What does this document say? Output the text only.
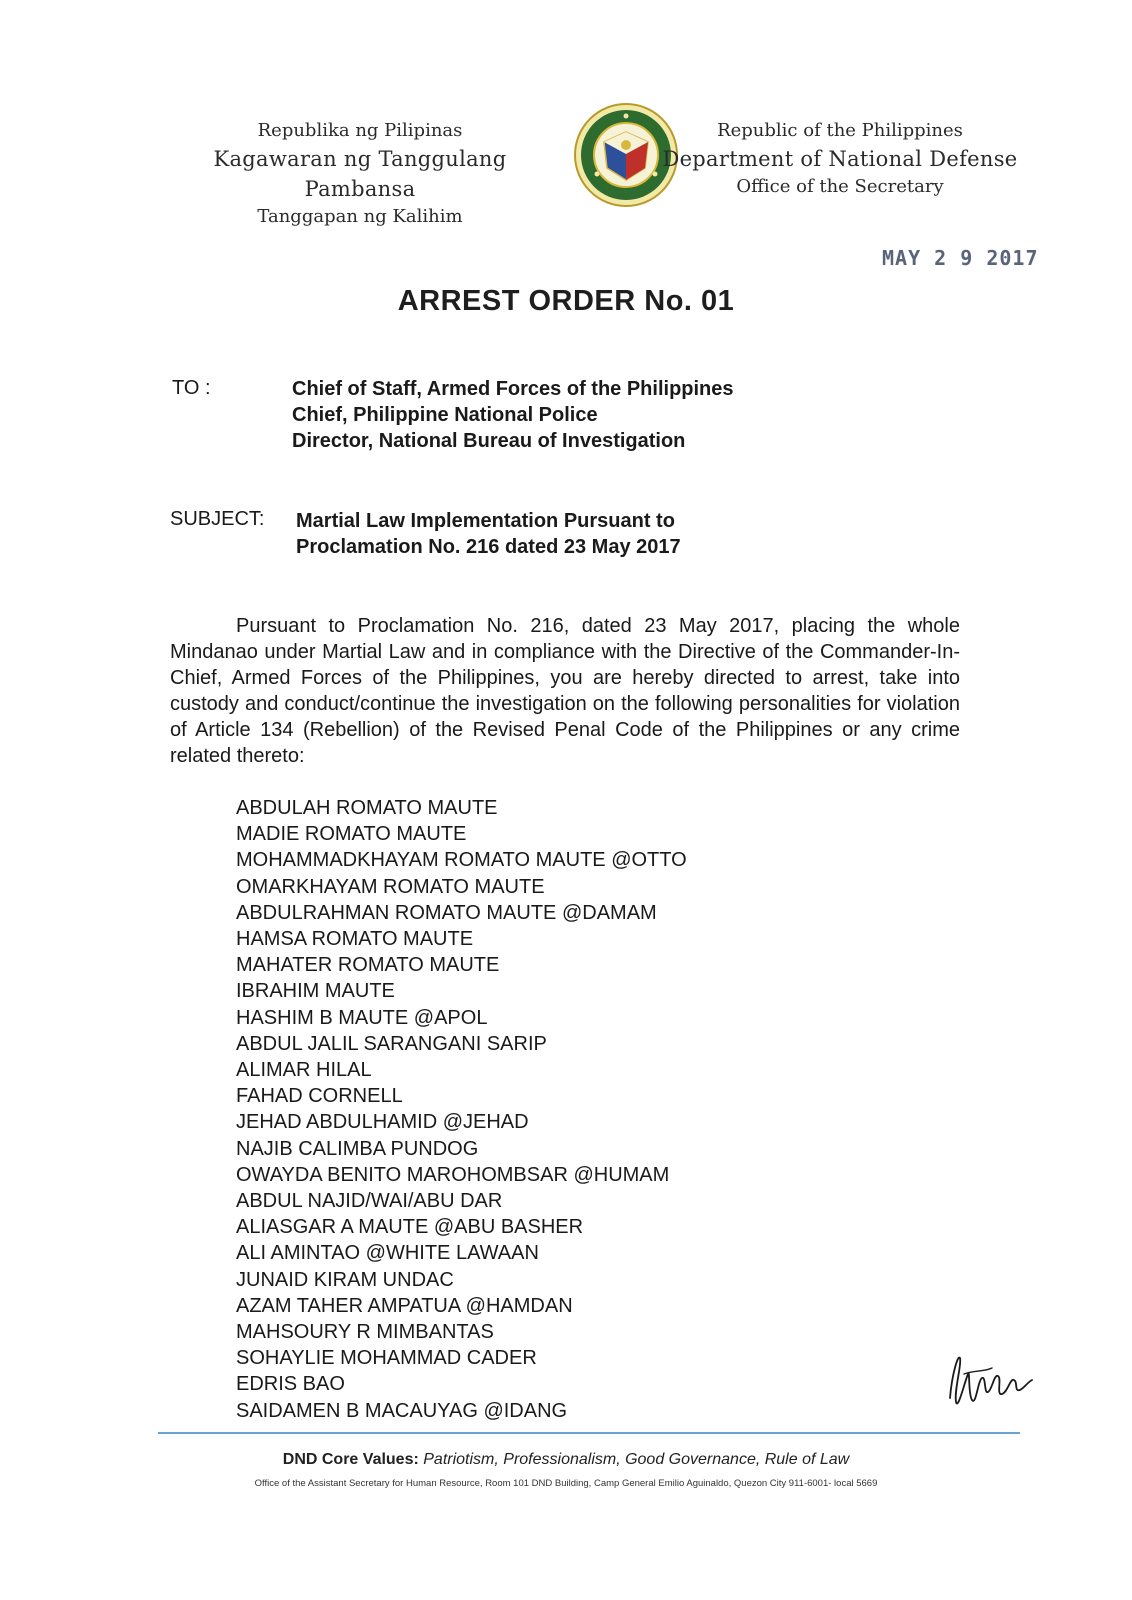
Republika ng Pilipinas
Kagawaran ng Tanggulang Pambansa
Tanggapan ng Kalihim
Republic of the Philippines
Department of National Defense
Office of the Secretary
MAY 2 9 2017
ARREST ORDER No. 01
TO :	Chief of Staff, Armed Forces of the Philippines
Chief, Philippine National Police
Director, National Bureau of Investigation
SUBJECT: Martial Law Implementation Pursuant to
Proclamation No. 216 dated 23 May 2017
Pursuant to Proclamation No. 216, dated 23 May 2017, placing the whole Mindanao under Martial Law and in compliance with the Directive of the Commander-In-Chief, Armed Forces of the Philippines, you are hereby directed to arrest, take into custody and conduct/continue the investigation on the following personalities for violation of Article 134 (Rebellion) of the Revised Penal Code of the Philippines or any crime related thereto:
ABDULAH ROMATO MAUTE
MADIE ROMATO MAUTE
MOHAMMADKHAYAM ROMATO MAUTE @OTTO
OMARKHAYAM ROMATO MAUTE
ABDULRAHMAN ROMATO MAUTE @DAMAM
HAMSA ROMATO MAUTE
MAHATER ROMATO MAUTE
IBRAHIM MAUTE
HASHIM B MAUTE @APOL
ABDUL JALIL SARANGANI SARIP
ALIMAR HILAL
FAHAD CORNELL
JEHAD ABDULHAMID @JEHAD
NAJIB CALIMBA PUNDOG
OWAYDA BENITO MAROHOMBSAR @HUMAM
ABDUL NAJID/WAI/ABU DAR
ALIASGAR A MAUTE @ABU BASHER
ALI AMINTAO @WHITE LAWAAN
JUNAID KIRAM UNDAC
AZAM TAHER AMPATUA @HAMDAN
MAHSOURY R MIMBANTAS
SOHAYLIE MOHAMMAD CADER
EDRIS BAO
SAIDAMEN B MACAUYAG @IDANG
DND Core Values: Patriotism, Professionalism, Good Governance, Rule of Law
Office of the Assistant Secretary for Human Resource, Room 101 DND Building, Camp General Emilio Aguinaldo, Quezon City 911-6001- local 5669
